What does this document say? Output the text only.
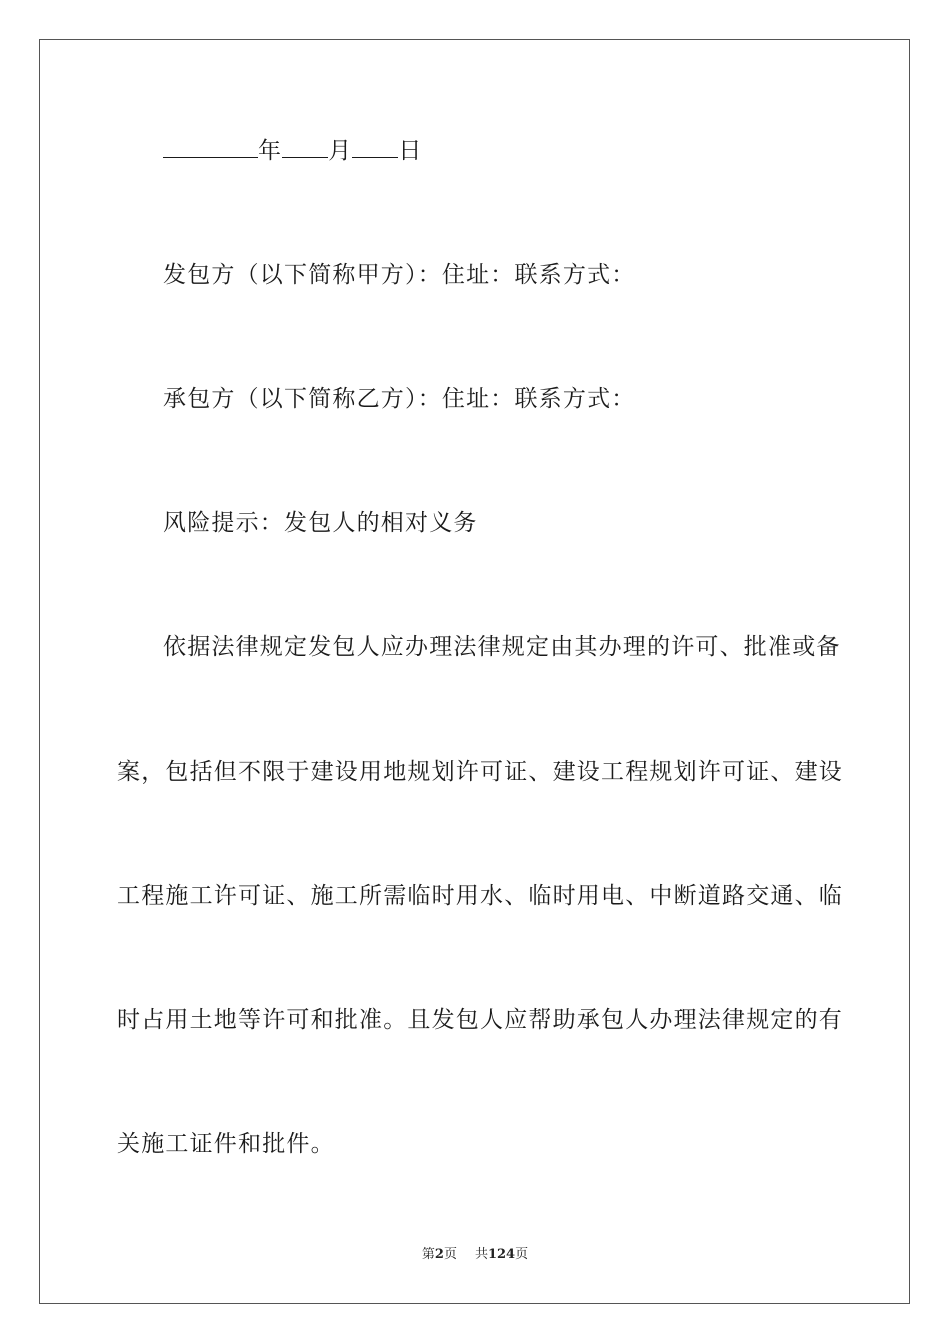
年 月 日
发包方（以下简称甲方）：住址：联系方式：
承包方（以下简称乙方）：住址：联系方式：
风险提示：发包人的相对义务
依据法律规定发包人应办理法律规定由其办理的许可、批准或备
案，包括但不限于建设用地规划许可证、建设工程规划许可证、建设
工程施工许可证、施工所需临时用水、临时用电、中断道路交通、临
时占用土地等许可和批准。且发包人应帮助承包人办理法律规定的有
关施工证件和批件。
第2页 共124页
